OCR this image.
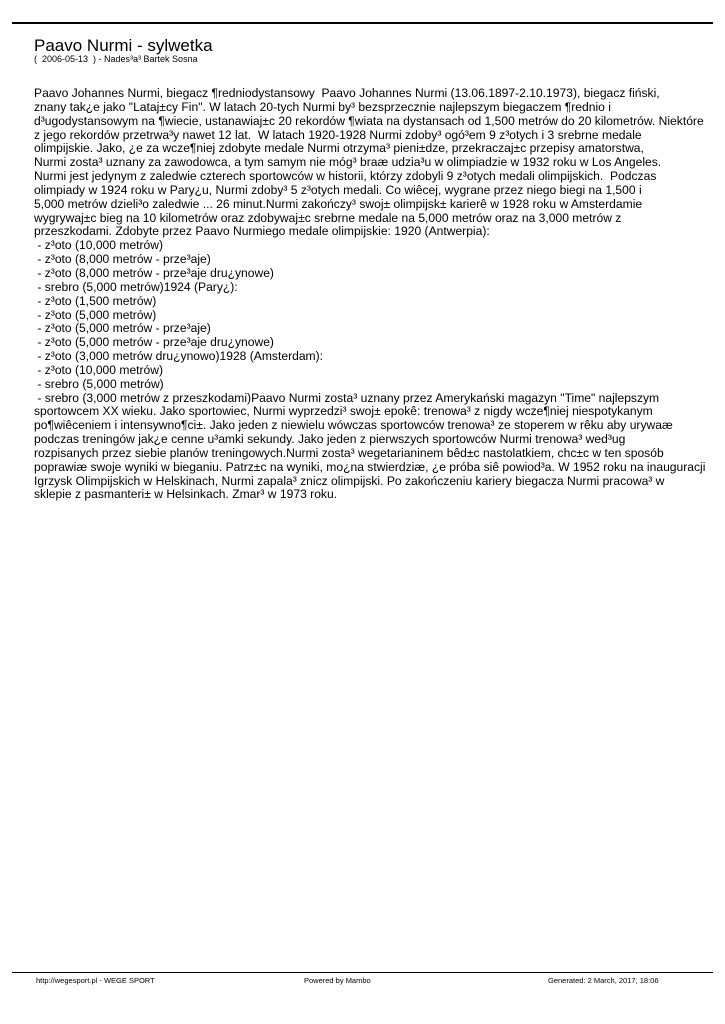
Paavo Nurmi - sylwetka
(  2006-05-13  ) - Nades³a³ Bartek Sosna
Paavo Johannes Nurmi, biegacz ¶redniodystansowy  Paavo Johannes Nurmi (13.06.1897-2.10.1973), biegacz fiński,
znany tak¿e jako "Lataj±cy Fin". W latach 20-tych Nurmi by³ bezsprzecznie najlepszym biegaczem ¶rednio i
d³ugodystansowym na ¶wiecie, ustanawiaj±c 20 rekordów ¶wiata na dystansach od 1,500 metrów do 20 kilometrów. Niektóre
z jego rekordów przetrwa³y nawet 12 lat.  W latach 1920-1928 Nurmi zdoby³ ogó³em 9 z³otych i 3 srebrne medale
olimpijskie. Jako, ¿e za wcze¶niej zdobyte medale Nurmi otrzyma³ pieni±dze, przekraczaj±c przepisy amatorstwa,
Nurmi zosta³ uznany za zawodowca, a tym samym nie móg³ braæ udzia³u w olimpiadzie w 1932 roku w Los Angeles.
Nurmi jest jedynym z zaledwie czterech sportowców w historii, którzy zdobyli 9 z³otych medali olimpijskich.  Podczas
olimpiady w 1924 roku w Pary¿u, Nurmi zdoby³ 5 z³otych medali. Co wiêcej, wygrane przez niego biegi na 1,500 i
5,000 metrów dzieli³o zaledwie ... 26 minut.Nurmi zakończy³ swoj± olimpijsk± karierê w 1928 roku w Amsterdamie
wygrywaj±c bieg na 10 kilometrów oraz zdobywaj±c srebrne medale na 5,000 metrów oraz na 3,000 metrów z
przeszkodami. Zdobyte przez Paavo Nurmiego medale olimpijskie: 1920 (Antwerpia):
- z³oto (10,000 metrów)
- z³oto (8,000 metrów - prze³aje)
- z³oto (8,000 metrów - prze³aje dru¿ynowe)
- srebro (5,000 metrów)1924 (Pary¿):
- z³oto (1,500 metrów)
- z³oto (5,000 metrów)
- z³oto (5,000 metrów - prze³aje)
- z³oto (5,000 metrów - prze³aje dru¿ynowe)
- z³oto (3,000 metrów dru¿ynowo)1928 (Amsterdam):
- z³oto (10,000 metrów)
- srebro (5,000 metrów)
- srebro (3,000 metrów z przeszkodami)Paavo Nurmi zosta³ uznany przez Amerykański magazyn "Time" najlepszym
sportowcem XX wieku. Jako sportowiec, Nurmi wyprzedzi³ swoj± epokê: trenowa³ z nigdy wcze¶niej niespotykanym
po¶wiêceniem i intensywno¶ci±. Jako jeden z niewielu wówczas sportowców trenowa³ ze stoperem w rêku aby urywaæ
podczas treningów jak¿e cenne u³amki sekundy. Jako jeden z pierwszych sportowców Nurmi trenowa³ wed³ug
rozpisanych przez siebie planów treningowych.Nurmi zosta³ wegetarianinem bêd±c nastolatkiem, chc±c w ten sposób
poprawiæ swoje wyniki w bieganiu. Patrz±c na wyniki, mo¿na stwierdziæ, ¿e próba siê powiod³a. W 1952 roku na inauguracji
Igrzysk Olimpijskich w Helskinach, Nurmi zapala³ znicz olimpijski. Po zakończeniu kariery biegacza Nurmi pracowa³ w
sklepie z pasmanteri± w Helsinkach. Zmar³ w 1973 roku.
http://wegesport.pl - WEGE SPORT	Powered by Mambo	Generated: 2 March, 2017, 18:06
